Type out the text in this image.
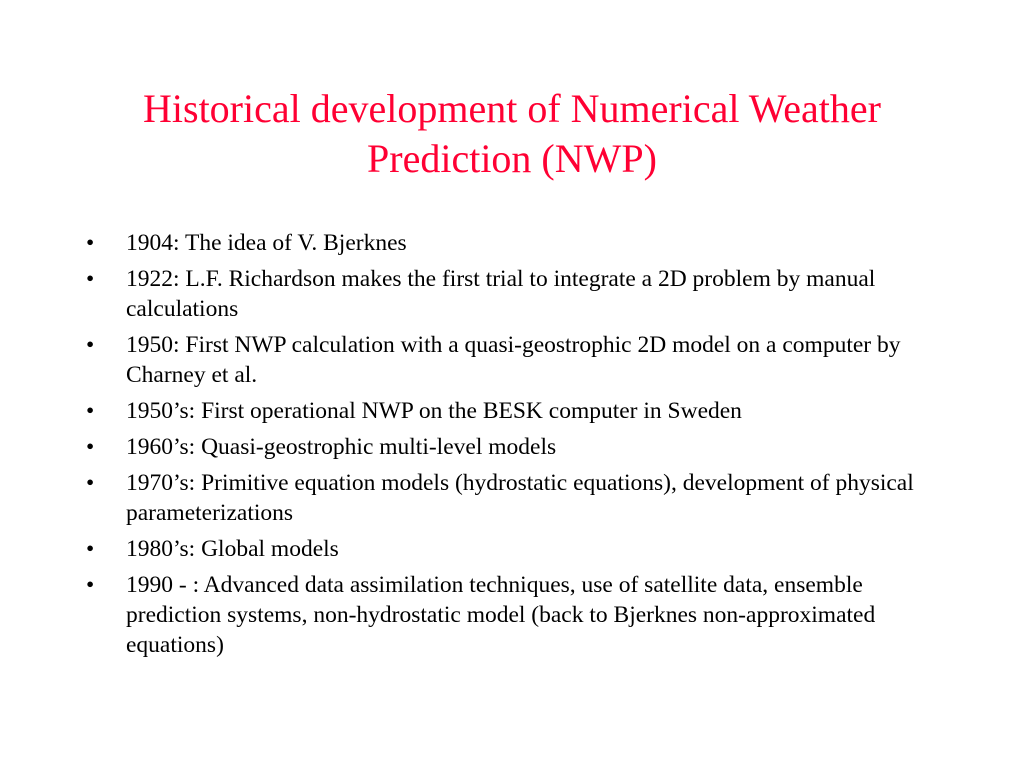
Historical development of Numerical Weather Prediction (NWP)
•	1904: The idea of V. Bjerknes
•	1922: L.F. Richardson makes the first trial to integrate a 2D problem by manual calculations
•	1950: First NWP calculation with a quasi-geostrophic 2D model on a computer by Charney et al.
•	1950’s: First operational NWP on the BESK computer in Sweden
•	1960’s: Quasi-geostrophic multi-level models
•	1970’s: Primitive equation models (hydrostatic equations), development of physical parameterizations
•	1980’s: Global models
•	1990 - : Advanced data assimilation techniques, use of satellite data, ensemble prediction systems, non-hydrostatic model (back to Bjerknes non-approximated equations)
